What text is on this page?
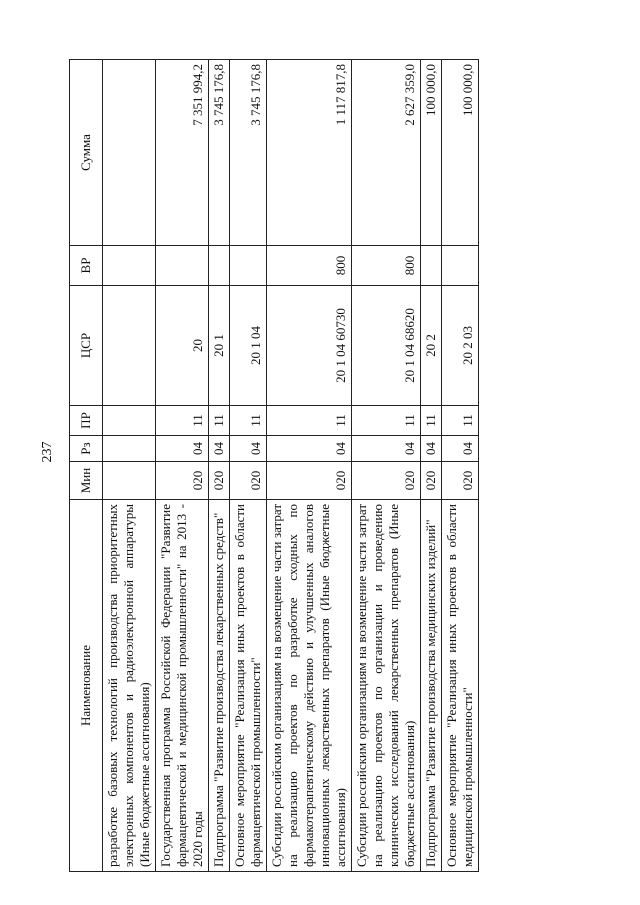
237
Наименование	Мин	Рз	ПР	ЦСР	ВР	Сумма
разработке базовых технологий производства приоритетных электронных компонентов и радиоэлектронной аппаратуры (Иные бюджетные ассигнования)						
Государственная программа Российской Федерации "Развитие фармацевтической и медицинской промышленности" на 2013 - 2020 годы	020	04	11	20		7 351 994,2
Подпрограмма "Развитие производства лекарственных средств"	020	04	11	20 1		3 745 176,8
Основное мероприятие "Реализация иных проектов в области фармацевтической промышленности"	020	04	11	20 1 04		3 745 176,8
Субсидии российским организациям на возмещение части затрат на реализацию проектов по разработке сходных по фармакотерапевтическому действию и улучшенных аналогов инновационных лекарственных препаратов (Иные бюджетные ассигнования)	020	04	11	20 1 04 60730	800	1 117 817,8
Субсидии российским организациям на возмещение части затрат на реализацию проектов по организации и проведению клинических исследований лекарственных препаратов (Иные бюджетные ассигнования)	020	04	11	20 1 04 68620	800	2 627 359,0
Подпрограмма "Развитие производства медицинских изделий"	020	04	11	20 2		100 000,0
Основное мероприятие "Реализация иных проектов в области медицинской промышленности"	020	04	11	20 2 03		100 000,0
